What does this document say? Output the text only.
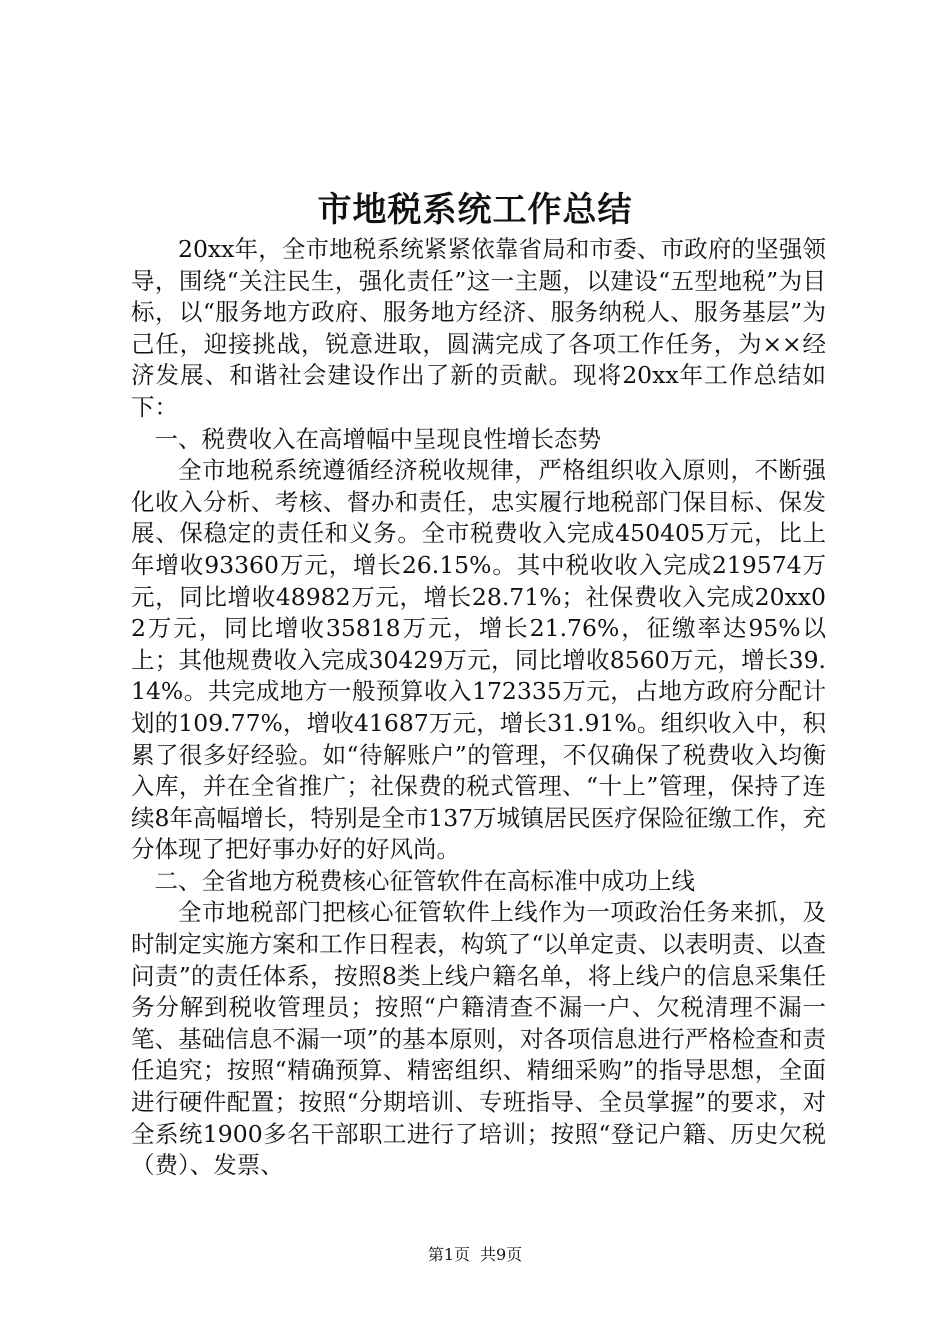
市地税系统工作总结

20xx年，全市地税系统紧紧依靠省局和市委、市政府的坚强领导，围绕“关注民生，强化责任”这一主题，以建设“五型地税”为目标，以“服务地方政府、服务地方经济、服务纳税人、服务基层”为己任，迎接挑战，锐意进取，圆满完成了各项工作任务，为××经济发展、和谐社会建设作出了新的贡献。现将20xx年工作总结如下：

一、税费收入在高增幅中呈现良性增长态势

全市地税系统遵循经济税收规律，严格组织收入原则，不断强化收入分析、考核、督办和责任，忠实履行地税部门保目标、保发展、保稳定的责任和义务。全市税费收入完成450405万元，比上年增收93360万元，增长26.15%。其中税收收入完成219574万元，同比增收48982万元，增长28.71%；社保费收入完成20xx02万元，同比增收35818万元，增长21.76%，征缴率达95%以上；其他规费收入完成30429万元，同比增收8560万元，增长39.14%。共完成地方一般预算收入172335万元，占地方政府分配计划的109.77%，增收41687万元，增长31.91%。组织收入中，积累了很多好经验。如“待解账户”的管理，不仅确保了税费收入均衡入库，并在全省推广；社保费的税式管理、“十上”管理，保持了连续8年高幅增长，特别是全市137万城镇居民医疗保险征缴工作，充分体现了把好事办好的好风尚。

二、全省地方税费核心征管软件在高标准中成功上线

全市地税部门把核心征管软件上线作为一项政治任务来抓，及时制定实施方案和工作日程表，构筑了“以单定责、以表明责、以查问责”的责任体系，按照8类上线户籍名单，将上线户的信息采集任务分解到税收管理员；按照“户籍清查不漏一户、欠税清理不漏一笔、基础信息不漏一项”的基本原则，对各项信息进行严格检查和责任追究；按照“精确预算、精密组织、精细采购”的指导思想，全面进行硬件配置；按照“分期培训、专班指导、全员掌握”的要求，对全系统1900多名干部职工进行了培训；按照“登记户籍、历史欠税（费）、发票、

第1页 共9页
